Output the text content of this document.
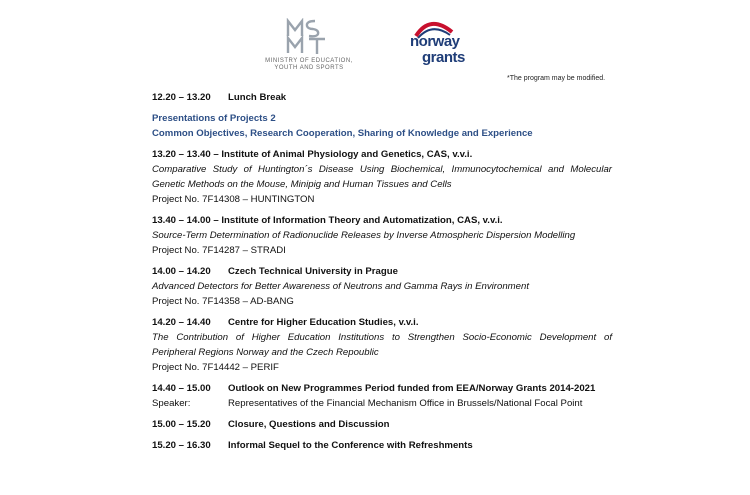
MINISTRY OF EDUCATION,
YOUTH AND SPORTS
norway
grants
*The program may be modified.
12.20 – 13.20 Lunch Break
Presentations of Projects 2
Common Objectives, Research Cooperation, Sharing of Knowledge and Experience
13.20 – 13.40 – Institute of Animal Physiology and Genetics, CAS, v.v.i.
Comparative Study of Huntington´s Disease Using Biochemical, Immunocytochemical and Molecular
Genetic Methods on the Mouse, Minipig and Human Tissues and Cells
Project No. 7F14308 – HUNTINGTON
13.40 – 14.00 – Institute of Information Theory and Automatization, CAS, v.v.i.
Source-Term Determination of Radionuclide Releases by Inverse Atmospheric Dispersion Modelling
Project No. 7F14287 – STRADI
14.00 – 14.20 Czech Technical University in Prague
Advanced Detectors for Better Awareness of Neutrons and Gamma Rays in Environment
Project No. 7F14358 – AD-BANG
14.20 – 14.40 Centre for Higher Education Studies, v.v.i.
The Contribution of Higher Education Institutions to Strengthen Socio-Economic Development of
Peripheral Regions Norway and the Czech Repoublic
Project No. 7F14442 – PERIF
14.40 – 15.00 Outlook on New Programmes Period funded from EEA/Norway Grants 2014-2021
Speaker:	Representatives of the Financial Mechanism Office in Brussels/National Focal Point
15.00 – 15.20 Closure, Questions and Discussion
15.20 – 16.30 Informal Sequel to the Conference with Refreshments
